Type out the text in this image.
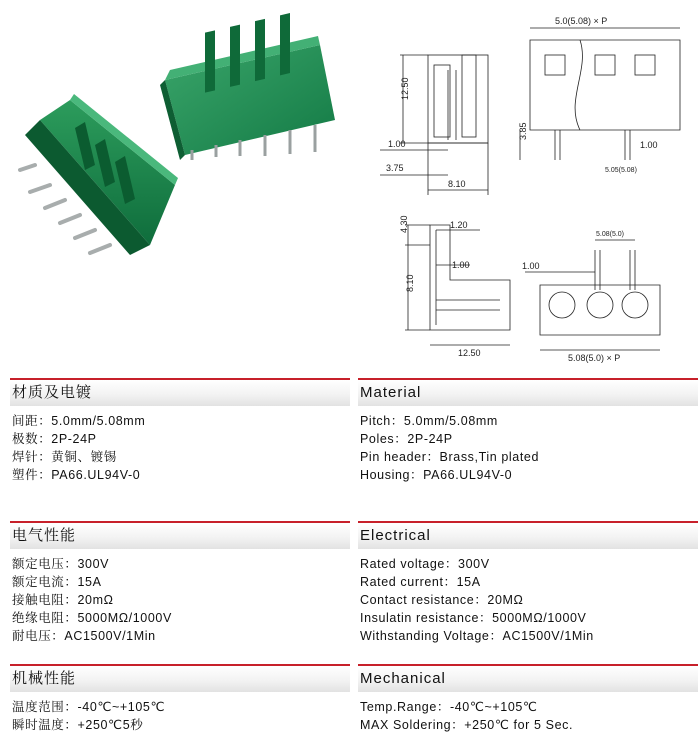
12.50
1.00
3.75
8.10
5.0(5.08) × P
3.85
1.00
5.05(5.08)
4.30	1.20
1.00
8.10
12.50
5.08(5.0)
1.00
5.08(5.0) × P
材质及电镀
间距：5.0mm/5.08mm
极数：2P-24P
焊针：黄铜、镀锡
塑件：PA66.UL94V-0
电气性能
额定电压：300V
额定电流：15A
接触电阻：20mΩ
绝缘电阻：5000MΩ/1000V
耐电压：AC1500V/1Min
机械性能
温度范围：-40℃~+105℃
瞬时温度：+250℃5秒
Material
Pitch：5.0mm/5.08mm
Poles：2P-24P
Pin header：Brass,Tin plated
Housing：PA66.UL94V-0
Electrical
Rated voltage：300V
Rated current：15A
Contact resistance：20MΩ
Insulatin resistance：5000MΩ/1000V
Withstanding Voltage：AC1500V/1Min
Mechanical
Temp.Range：-40℃~+105℃
MAX Soldering：+250℃ for 5 Sec.
